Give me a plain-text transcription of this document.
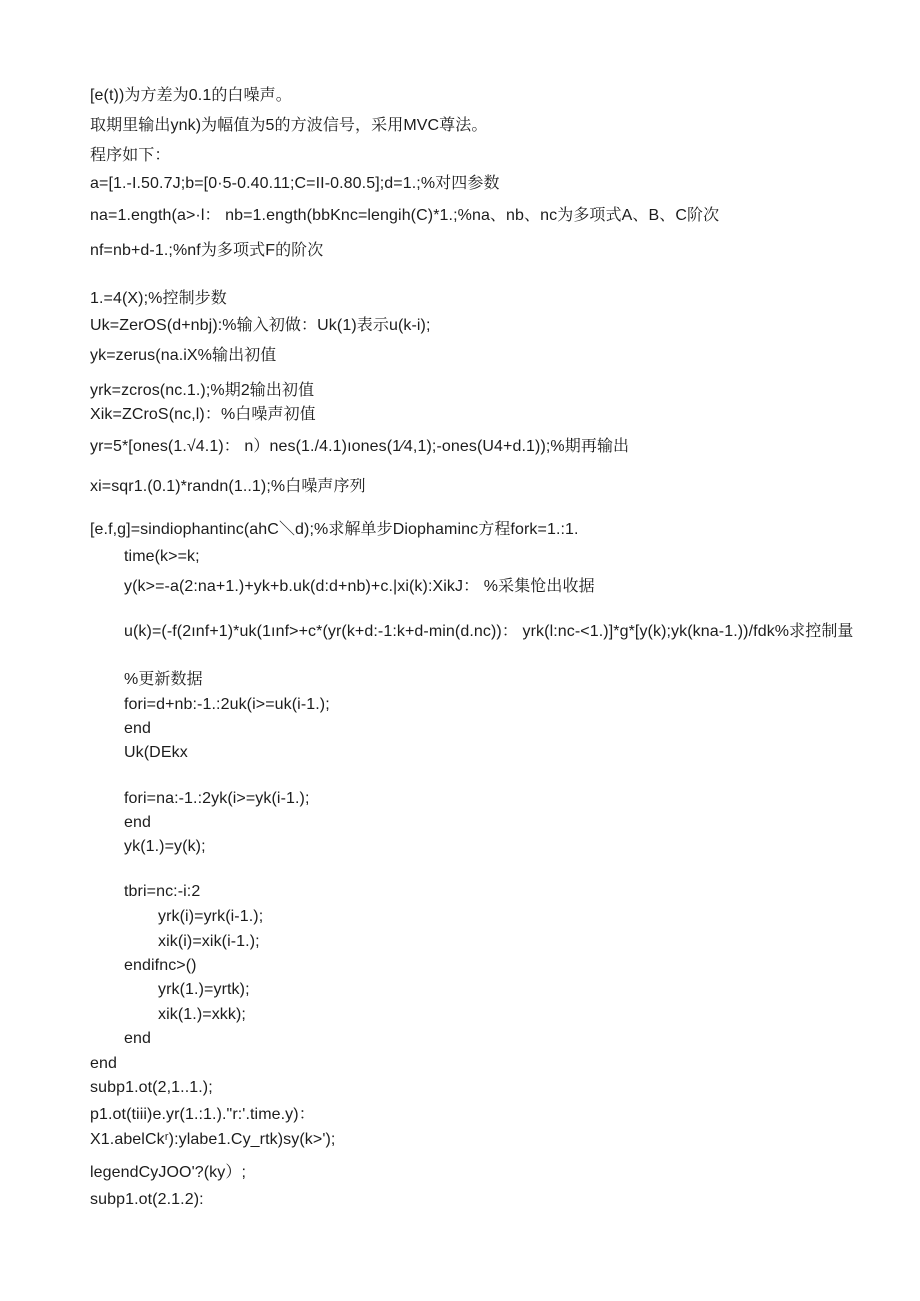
[e(t))为方差为0.1的白噪声。
取期里输出ynk)为幅值为5的方波信号，采用MVC尊法。
程序如下：
a=[1.-I.50.7J;b=[0·5-0.40.11;C=II-0.80.5];d=1.;%对四参数
na=1.ength(a>·l： nb=1.ength(bbKnc=lengih(C)*1.;%na、nb、nc为多项式A、B、C阶次
nf=nb+d-1.;%nf为多项式F的阶次
1.=4(X);%控制步数
Uk=ZerOS(d+nbj):%输入初做：Uk(1)表示u(k-i);
yk=zerus(na.iX%输出初值
yrk=zcros(nc.1.);%期2输出初值
Xik=ZCroS(nc,l)：%白噪声初值
yr=5*[ones(1.√4.1)： n）nes(1./4.1)ıones(1⁄4,1);-ones(U4+d.1));%期再输出
xi=sqr1.(0.1)*randn(1..1);%白噪声序列
[e.f,g]=sindiophantinc(ahC＼d);%求解单步Diophaminc方程fork=1.:1.
time(k>=k;
y(k>=-a(2:na+1.)+yk+b.uk(d:d+nb)+c.|xi(k):XikJ： %采集怆出收据
u(k)=(-f(2ınf+1)*uk(1ınf>+c*(yr(k+d:-1:k+d-min(d.nc))： yrk(l:nc-<1.)]*g*[y(k);yk(kna-1.))/fdk%求控制量
%更新数据
fori=d+nb:-1.:2uk(i>=uk(i-1.);
end
Uk(DEkx
fori=na:-1.:2yk(i>=yk(i-1.);
end
yk(1.)=y(k);
tbri=nc:-i:2
yrk(i)=yrk(i-1.);
xik(i)=xik(i-1.);
endifnc>()
yrk(1.)=yrtk);
xik(1.)=xkk);
end
end
subp1.ot(2,1..1.);
p1.ot(tiii)e.yr(1.:1.)."r:'.time.y)：
X1.abelCkʳ):ylabe1.Cy_rtk)sy(k>');
legendCyJOO'?(ky）;
subp1.ot(2.1.2):
